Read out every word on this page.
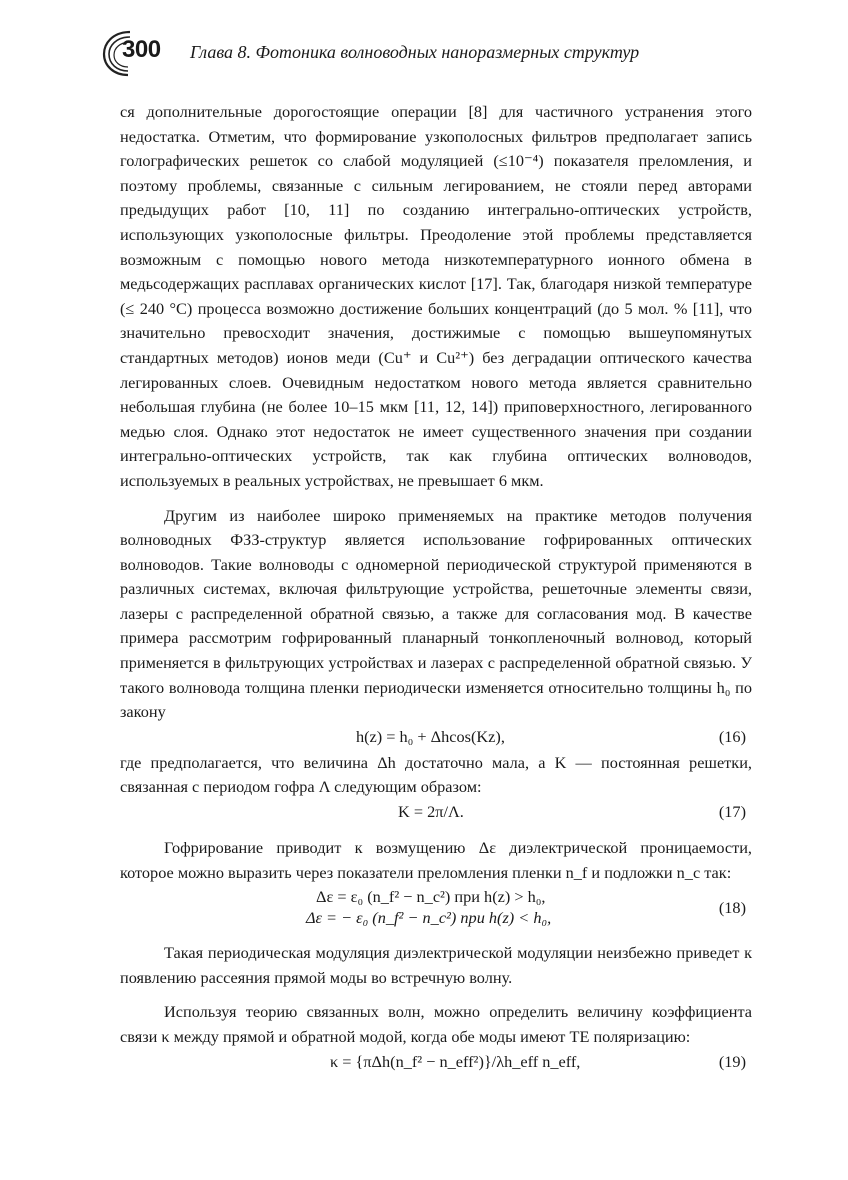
300 Глава 8. Фотоника волноводных наноразмерных структур

ся дополнительные дорогостоящие операции [8] для частичного устранения этого недостатка. Отметим, что формирование узкополосных фильтров предполагает запись голографических решеток со слабой модуляцией (≤10⁻⁴) показателя преломления, и поэтому проблемы, связанные с сильным легированием, не стояли перед авторами предыдущих работ [10, 11] по созданию интегрально-оптических устройств, использующих узкополосные фильтры. Преодоление этой проблемы представляется возможным с помощью нового метода низкотемпературного ионного обмена в медьсодержащих расплавах органических кислот [17]. Так, благодаря низкой температуре (≤ 240 °С) процесса возможно достижение больших концентраций (до 5 мол. % [11], что значительно превосходит значения, достижимые с помощью вышеупомянутых стандартных методов) ионов меди (Cu⁺ и Cu²⁺) без деградации оптического качества легированных слоев. Очевидным недостатком нового метода является сравнительно небольшая глубина (не более 10–15 мкм [11, 12, 14]) приповерхностного, легированного медью слоя. Однако этот недостаток не имеет существенного значения при создании интегрально-оптических устройств, так как глубина оптических волноводов, используемых в реальных устройствах, не превышает 6 мкм.

Другим из наиболее широко применяемых на практике методов получения волноводных ФЗЗ-структур является использование гофрированных оптических волноводов. Такие волноводы с одномерной периодической структурой применяются в различных системах, включая фильтрующие устройства, решеточные элементы связи, лазеры с распределенной обратной связью, а также для согласования мод. В качестве примера рассмотрим гофрированный планарный тонкопленочный волновод, который применяется в фильтрующих устройствах и лазерах с распределенной обратной связью. У такого волновода толщина пленки периодически изменяется относительно толщины h₀ по закону

h(z) = h₀ + Δhcos(Kz),	(16)

где предполагается, что величина Δh достаточно мала, а K — постоянная решетки, связанная с периодом гофра Λ следующим образом:

K = 2π/Λ.	(17)

Гофрирование приводит к возмущению Δε диэлектрической проницаемости, которое можно выразить через показатели преломления пленки n_f и подложки n_c так:

Δε = ε₀ (n_f² − n_c²) при h(z) > h₀,
Δε = − ε₀ (n_f² − n_c²) при h(z) < h₀,
(18)

Такая периодическая модуляция диэлектрической модуляции неизбежно приведет к появлению рассеяния прямой моды во встречную волну.

Используя теорию связанных волн, можно определить величину коэффициента связи κ между прямой и обратной модой, когда обе моды имеют TE поляризацию:

κ = {πΔh(n_f² − n_eff²)}/λh_eff n_eff,	(19)
